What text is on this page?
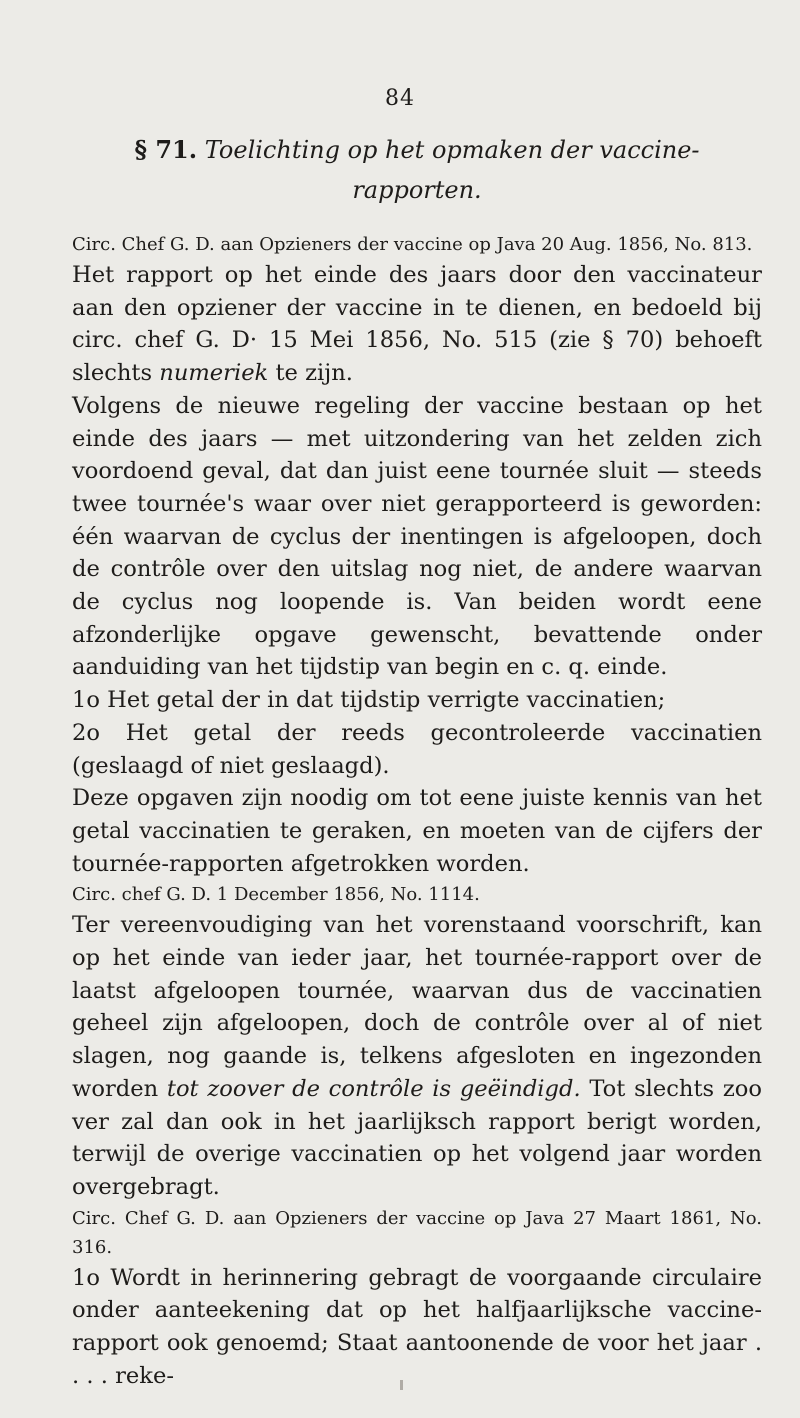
84
§ 71. Toelichting op het opmaken der vaccine-rapporten.

Circ. Chef G. D. aan Opzieners der vaccine op Java 20 Aug. 1856, No. 813.

Het rapport op het einde des jaars door den vaccinateur aan den opziener der vaccine in te dienen, en bedoeld bij circ. chef G. D· 15 Mei 1856, No. 515 (zie § 70) behoeft slechts numeriek te zijn.

Volgens de nieuwe regeling der vaccine bestaan op het einde des jaars — met uitzondering van het zelden zich voordoend geval, dat dan juist eene tournée sluit — steeds twee tournée's waar over niet gerapporteerd is geworden: één waarvan de cyclus der inentingen is afgeloopen, doch de contrôle over den uitslag nog niet, de andere waarvan de cyclus nog loopende is. Van beiden wordt eene afzonderlijke opgave gewenscht, bevattende onder aanduiding van het tijdstip van begin en c. q. einde.

1o Het getal der in dat tijdstip verrigte vaccinatien;

2o Het getal der reeds gecontroleerde vaccinatien (geslaagd of niet geslaagd).

Deze opgaven zijn noodig om tot eene juiste kennis van het getal vaccinatien te geraken, en moeten van de cijfers der tournée-rapporten afgetrokken worden.

Circ. chef G. D. 1 December 1856, No. 1114.

Ter vereenvoudiging van het vorenstaand voorschrift, kan op het einde van ieder jaar, het tournée-rapport over de laatst afgeloopen tournée, waarvan dus de vaccinatien geheel zijn afgeloopen, doch de contrôle over al of niet slagen, nog gaande is, telkens afgesloten en ingezonden worden tot zoover de contrôle is geëindigd. Tot slechts zoo ver zal dan ook in het jaarlijksch rapport berigt worden, terwijl de overige vaccinatien op het volgend jaar worden overgebragt.

Circ. Chef G. D. aan Opzieners der vaccine op Java 27 Maart 1861, No. 316.

1o Wordt in herinnering gebragt de voorgaande circulaire onder aanteekening dat op het halfjaarlijksche vaccine-rapport ook genoemd; Staat aantoonende de voor het jaar . . . . reke-
